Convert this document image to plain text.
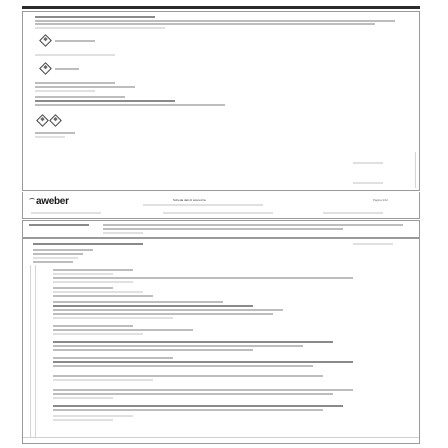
aweber	Scheda dati di sicurezza	Pagina 2/12
